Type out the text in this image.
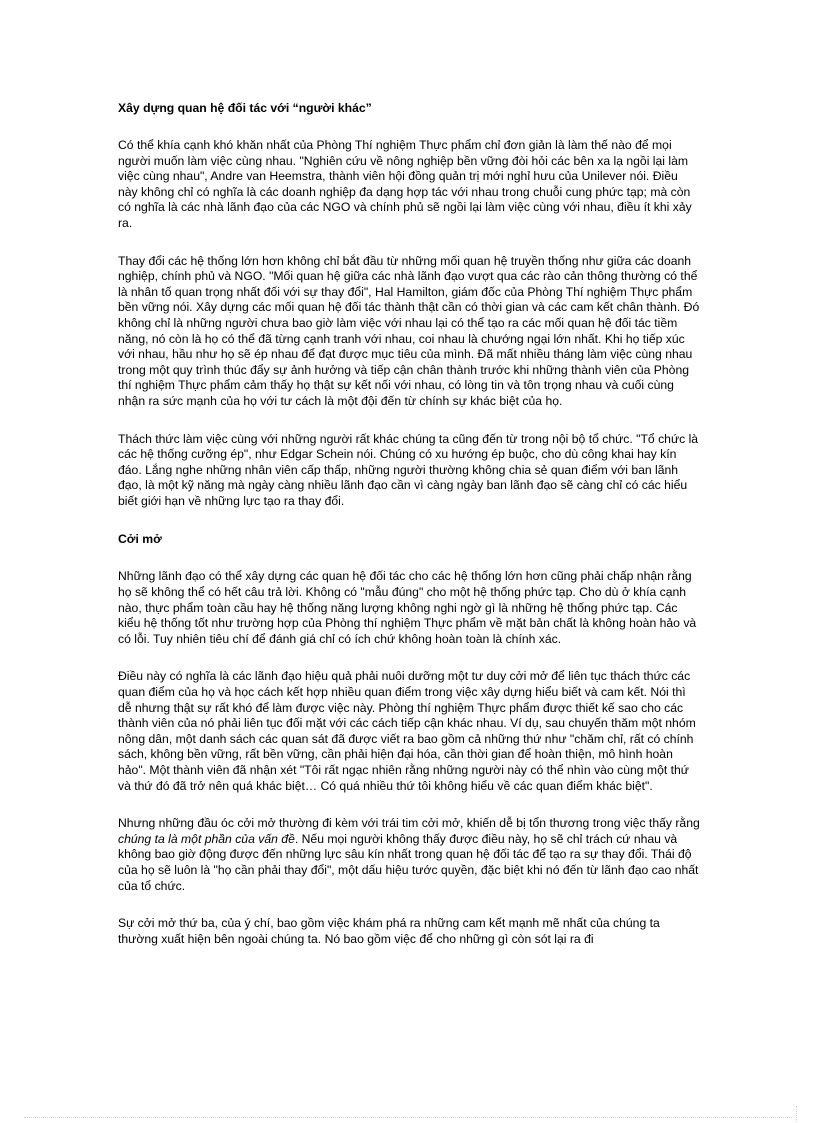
Xây dựng quan hệ đối tác với “người khác”

Có thể khía cạnh khó khăn nhất của Phòng Thí nghiệm Thực phẩm chỉ đơn giản là làm thế nào để mọi người muốn làm việc cùng nhau. "Nghiên cứu về nông nghiệp bền vững đòi hỏi các bên xa lạ ngồi lại làm việc cùng nhau", Andre van Heemstra, thành viên hội đồng quản trị mới nghỉ hưu của Unilever nói. Điều này không chỉ có nghĩa là các doanh nghiệp đa dạng hợp tác với nhau trong chuỗi cung phức tạp; mà còn có nghĩa là các nhà lãnh đạo của các NGO và chính phủ sẽ ngồi lại làm việc cùng với nhau, điều ít khi xảy ra.

Thay đổi các hệ thống lớn hơn không chỉ bắt đầu từ những mối quan hệ truyền thống như giữa các doanh nghiệp, chính phủ và NGO. "Mối quan hệ giữa các nhà lãnh đạo vượt qua các rào cản thông thường có thể là nhân tố quan trọng nhất đối với sự thay đổi", Hal Hamilton, giám đốc của Phòng Thí nghiệm Thực phẩm bền vững nói. Xây dựng các mối quan hệ đối tác thành thật cần có thời gian và các cam kết chân thành. Đó không chỉ là những người chưa bao giờ làm việc với nhau lại có thể tạo ra các mối quan hệ đối tác tiềm năng, nó còn là họ có thể đã từng cạnh tranh với nhau, coi nhau là chướng ngại lớn nhất. Khi họ tiếp xúc với nhau, hầu như họ sẽ ép nhau để đạt được mục tiêu của mình. Đã mất nhiều tháng làm việc cùng nhau trong một quy trình thúc đẩy sự ảnh hưởng và tiếp cận chân thành trước khi những thành viên của Phòng thí nghiệm Thực phẩm cảm thấy họ thật sự kết nối với nhau, có lòng tin và tôn trọng nhau và cuối cùng nhận ra sức mạnh của họ với tư cách là một đội đến từ chính sự khác biệt của họ.

Thách thức làm việc cùng với những người rất khác chúng ta cũng đến từ trong nội bộ tổ chức. "Tổ chức là các hệ thống cưỡng ép", như Edgar Schein nói. Chúng có xu hướng ép buộc, cho dù công khai hay kín đáo. Lắng nghe những nhân viên cấp thấp, những người thường không chia sẻ quan điểm với ban lãnh đạo, là một kỹ năng mà ngày càng nhiều lãnh đạo cần vì càng ngày ban lãnh đạo sẽ càng chỉ có các hiểu biết giới hạn về những lực tạo ra thay đổi.

Cởi mở

Những lãnh đạo có thể xây dựng các quan hệ đối tác cho các hệ thống lớn hơn cũng phải chấp nhận rằng họ sẽ không thể có hết câu trả lời. Không có "mẫu đúng" cho một hệ thống phức tạp. Cho dù ở khía cạnh nào, thực phẩm toàn cầu hay hệ thống năng lượng không nghi ngờ gì là những hệ thống phức tạp. Các kiểu hệ thống tốt như trường hợp của Phòng thí nghiệm Thực phẩm về mặt bản chất là không hoàn hảo và có lỗi. Tuy nhiên tiêu chí để đánh giá chỉ có ích chứ không hoàn toàn là chính xác.

Điều này có nghĩa là các lãnh đạo hiệu quả phải nuôi dưỡng một tư duy cởi mở để liên tục thách thức các quan điểm của họ và học cách kết hợp nhiều quan điểm trong việc xây dựng hiểu biết và cam kết. Nói thì dễ nhưng thật sự rất khó để làm được việc này. Phòng thí nghiệm Thực phẩm được thiết kế sao cho các thành viên của nó phải liên tục đối mặt với các cách tiếp cận khác nhau. Ví dụ, sau chuyến thăm một nhóm nông dân, một danh sách các quan sát đã được viết ra bao gồm cả những thứ như "chăm chỉ, rất có chính sách, không bền vững, rất bền vững, cần phải hiện đại hóa, cần thời gian để hoàn thiện, mô hình hoàn hảo". Một thành viên đã nhận xét "Tôi rất ngạc nhiên rằng những người này có thể nhìn vào cùng một thứ và thứ đó đã trở nên quá khác biệt… Có quá nhiều thứ tôi không hiểu về các quan điểm khác biệt".

Nhưng những đầu óc cởi mở thường đi kèm với trái tim cởi mở, khiến dễ bị tổn thương trong việc thấy rằng chúng ta là một phần của vấn đề. Nếu mọi người không thấy được điều này, họ sẽ chỉ trách cứ nhau và không bao giờ động được đến những lực sâu kín nhất trong quan hệ đối tác để tạo ra sự thay đổi. Thái độ của họ sẽ luôn là "họ cần phải thay đổi", một dấu hiệu tước quyền, đặc biệt khi nó đến từ lãnh đạo cao nhất của tổ chức.

Sự cởi mở thứ ba, của ý chí, bao gồm việc khám phá ra những cam kết mạnh mẽ nhất của chúng ta thường xuất hiện bên ngoài chúng ta. Nó bao gồm việc để cho những gì còn sót lại ra đi
